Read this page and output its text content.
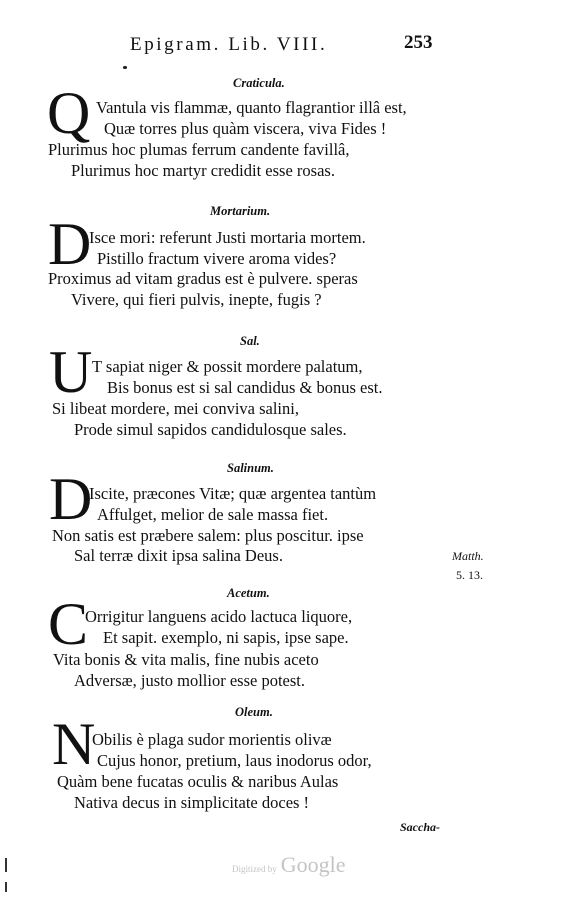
Epigram. Lib. VIII.	253
Craticula.
Q Vantula vis flammæ, quanto flagrantior illâ est,
Quæ torres plus quàm viscera, viva Fides !
Plurimus hoc plumas ferrum candente favillâ,
Plurimus hoc martyr credidit esse rosas.
Mortarium.
D
Isce mori: referunt Justi mortaria mortem.
Pistillo fractum vivere aroma vides?
Proximus ad vitam gradus est è pulvere. speras
Vivere, qui fieri pulvis, inepte, fugis ?
Sal.
U T sapiat niger & possit mordere palatum,
Bis bonus est si sal candidus & bonus est.
Si libeat mordere, mei conviva salini,
Prode simul sapidos candidulosque sales.
Salinum.
D
Iscite, præcones Vitæ; quæ argentea tantùm
Affulget, melior de sale massa fiet.
Non satis est præbere salem: plus poscitur. ipse
Sal terræ dixit ipsa salina Deus.	Matth.
5. 13.
Acetum.
C
Orrigitur languens acido lactuca liquore,
Et sapit. exemplo, ni sapis, ipse sape.
Vita bonis & vita malis, fine nubis aceto
Adversæ, justo mollior esse potest.
Oleum.
N
Obilis è plaga sudor morientis olivæ
Cujus honor, pretium, laus inodorus odor,
Quàm bene fucatas oculis & naribus Aulas
Nativa decus in simplicitate doces !
Saccha-
Digitized by Google
